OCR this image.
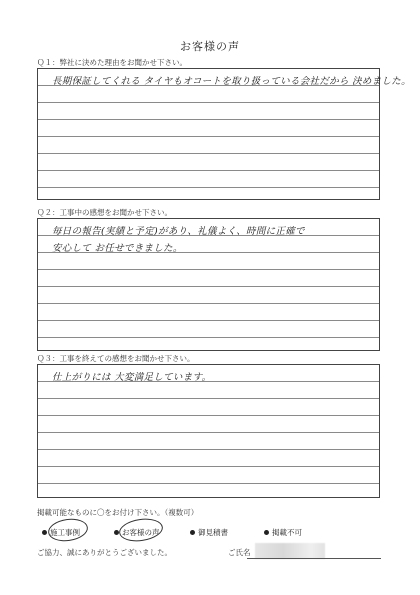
お客様の声
Ｑ１：弊社に決めた理由をお聞かせ下さい。
長期保証してくれる タイヤもオコートを取り扱っている会社だから 決めました。
Ｑ２：工事中の感想をお聞かせ下さい。
毎日の報告(実績と予定)があり、礼儀よく、時間に正確で
安心して お任せできました。
Ｑ３：工事を終えての感想をお聞かせ下さい。
仕上がりには 大変満足しています。
掲載可能なものに〇をお付け下さい。（複数可）
施工事例	お客様の声	御見積書	掲載不可
ご協力、誠にありがとうございました。	ご氏名
